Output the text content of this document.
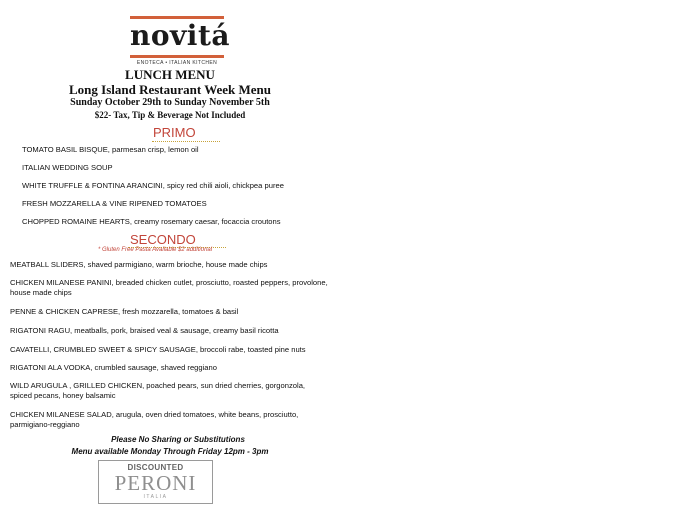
novitá
ENOTECA • ITALIAN KITCHEN
LUNCH MENU
Long Island Restaurant Week Menu
Sunday October 29th to Sunday November 5th
$22- Tax, Tip & Beverage Not Included
PRIMO
TOMATO BASIL BISQUE, parmesan crisp, lemon oil
ITALIAN WEDDING SOUP
WHITE TRUFFLE & FONTINA ARANCINI, spicy red chili aioli, chickpea puree
FRESH MOZZARELLA & VINE RIPENED TOMATOES
CHOPPED ROMAINE HEARTS, creamy rosemary caesar, focaccia croutons
SECONDO
* Gluten Free Pasta Available $2 additional
MEATBALL SLIDERS, shaved parmigiano, warm brioche, house made chips
CHICKEN MILANESE PANINI, breaded chicken cutlet, prosciutto, roasted peppers, provolone, house made chips
PENNE & CHICKEN CAPRESE, fresh mozzarella, tomatoes & basil
RIGATONI RAGU, meatballs, pork, braised veal & sausage, creamy basil ricotta
CAVATELLI, CRUMBLED SWEET & SPICY SAUSAGE, broccoli rabe, toasted pine nuts
RIGATONI ALA VODKA, crumbled sausage, shaved reggiano
WILD ARUGULA , GRILLED CHICKEN, poached pears, sun dried cherries, gorgonzola, spiced pecans, honey balsamic
CHICKEN MILANESE SALAD, arugula, oven dried tomatoes, white beans, prosciutto, parmigiano-reggiano
Please No Sharing or Substitutions
Menu available Monday Through Friday 12pm - 3pm
DISCOUNTED
PERONI
ITALIA
